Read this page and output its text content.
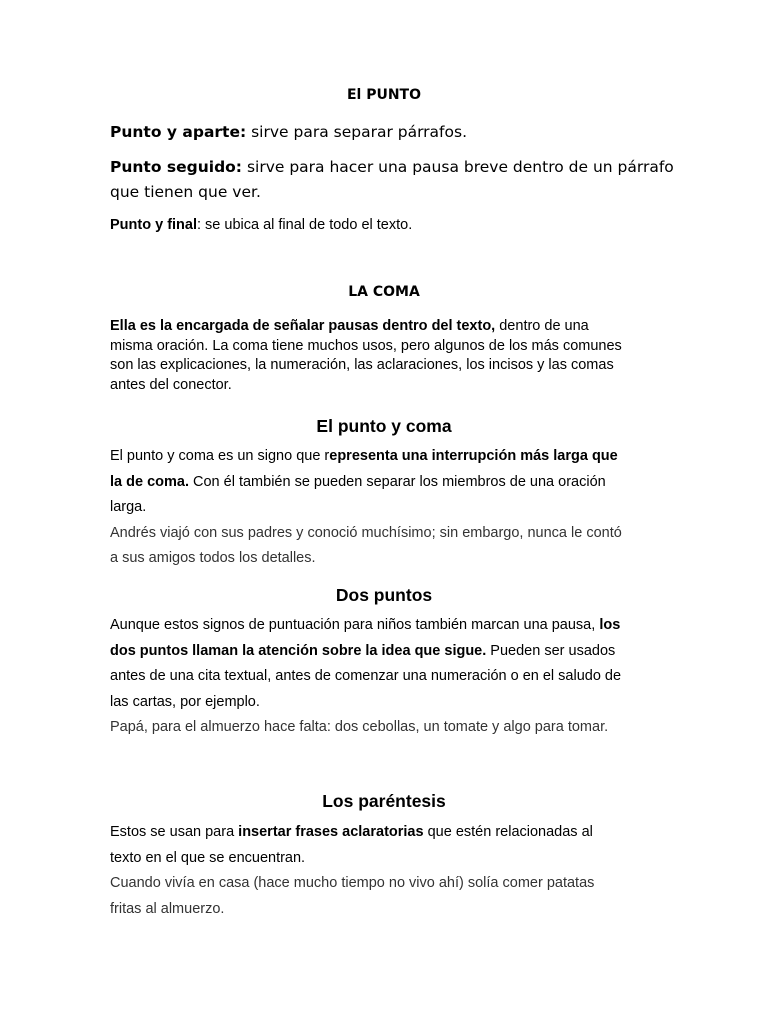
El PUNTO
Punto y aparte: sirve para separar párrafos.
Punto seguido: sirve para hacer una pausa breve dentro de un párrafo
que tienen que ver.
Punto y final: se ubica al final de todo el texto.
LA COMA
Ella es la encargada de señalar pausas dentro del texto, dentro de una
misma oración. La coma tiene muchos usos, pero algunos de los más comunes
son las explicaciones, la numeración, las aclaraciones, los incisos y las comas
antes del conector.
El punto y coma
El punto y coma es un signo que representa una interrupción más larga que
la de coma. Con él también se pueden separar los miembros de una oración
larga.
Andrés viajó con sus padres y conoció muchísimo; sin embargo, nunca le contó
a sus amigos todos los detalles.
Dos puntos
Aunque estos signos de puntuación para niños también marcan una pausa, los
dos puntos llaman la atención sobre la idea que sigue. Pueden ser usados
antes de una cita textual, antes de comenzar una numeración o en el saludo de
las cartas, por ejemplo.
Papá, para el almuerzo hace falta: dos cebollas, un tomate y algo para tomar.
Los paréntesis
Estos se usan para insertar frases aclaratorias que estén relacionadas al
texto en el que se encuentran.
Cuando vivía en casa (hace mucho tiempo no vivo ahí) solía comer patatas
fritas al almuerzo.
